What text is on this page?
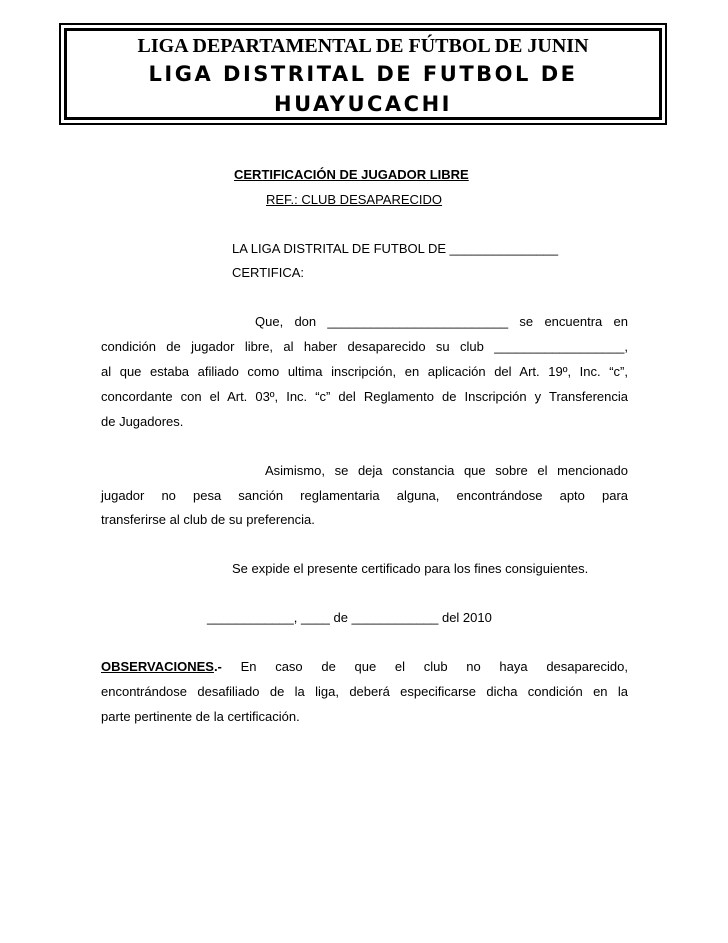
LIGA DEPARTAMENTAL DE FÚTBOL DE JUNIN
LIGA DISTRITAL DE FUTBOL DE
HUAYUCACHI
CERTIFICACIÓN DE JUGADOR LIBRE
REF.: CLUB DESAPARECIDO
LA LIGA DISTRITAL DE FUTBOL DE _______________
CERTIFICA:
Que, don _________________________ se encuentra en
condición de jugador libre, al haber desaparecido su club __________________,
al que estaba afiliado como ultima inscripción, en aplicación del Art. 19º, Inc. “c”,
concordante con el Art. 03º, Inc. “c” del Reglamento de Inscripción y Transferencia
de Jugadores.
Asimismo, se deja constancia que sobre el mencionado
jugador no pesa sanción reglamentaria alguna, encontrándose apto para
transferirse al club de su preferencia.
Se expide el presente certificado para los fines consiguientes.
____________, ____ de ____________ del 2010
OBSERVACIONES.- En caso de que el club no haya desaparecido,
encontrándose desafiliado de la liga, deberá especificarse dicha condición en la
parte pertinente de la certificación.
